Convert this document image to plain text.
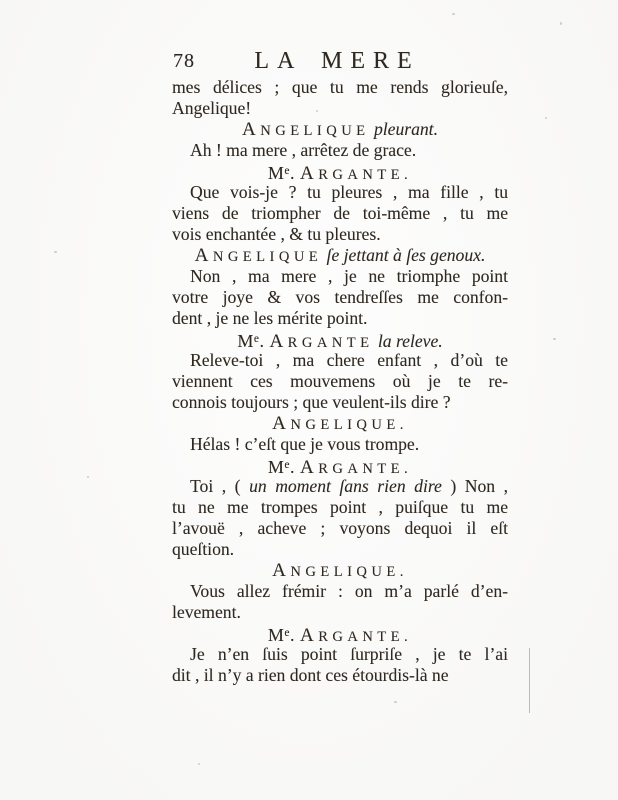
78	LA MERE
mes délices ; que tu me rends glorieuſe,
Angelique!
ANGELIQUE pleurant.
Ah ! ma mere , arrêtez de grace.
Me. ARGANTE.
Que vois-je ? tu pleures , ma fille , tu
viens de triompher de toi-même , tu me
vois enchantée , & tu pleures.
ANGELIQUE ſe jettant à ſes genoux.
Non , ma mere , je ne triomphe point
votre joye & vos tendreſſes me confon-
dent , je ne les mérite point.
Me. ARGANTE la releve.
Releve-toi , ma chere enfant , d’où te
viennent ces mouvemens où je te re-
connois toujours ; que veulent-ils dire ?
ANGELIQUE.
Hélas ! c’eſt que je vous trompe.
Me. ARGANTE.
Toi , ( un moment ſans rien dire ) Non ,
tu ne me trompes point , puiſque tu me
l’avouë , acheve ; voyons dequoi il eſt
queſtion.
ANGELIQUE.
Vous allez frémir : on m’a parlé d’en-
levement.
Me. ARGANTE.
Je n’en ſuis point ſurpriſe , je te l’ai
dit , il n’y a rien dont ces étourdis-là ne
